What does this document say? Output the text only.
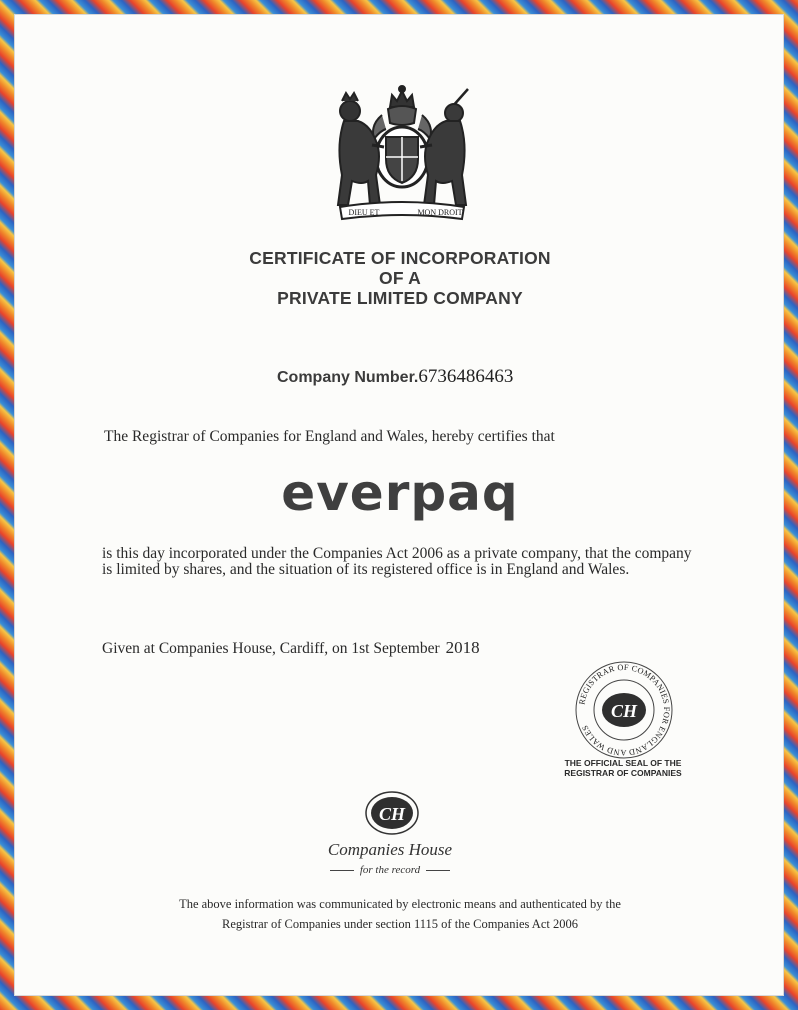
DIEU ET	MON DROIT
CERTIFICATE OF INCORPORATION
OF A
PRIVATE LIMITED COMPANY
Company Number.6736486463
The Registrar of Companies for England and Wales, hereby certifies that
everpaq
is this day incorporated under the Companies Act 2006 as a private company, that the company is limited by shares, and the situation of its registered office is in England and Wales.
Given at Companies House, Cardiff, on 1st September 2018
REGISTRAR OF COMPANIES FOR ENGLAND AND WALES
CH
THE OFFICIAL SEAL OF THE
REGISTRAR OF COMPANIES
CH
Companies House
for the record
The above information was communicated by electronic means and authenticated by the
Registrar of Companies under section 1115 of the Companies Act 2006
